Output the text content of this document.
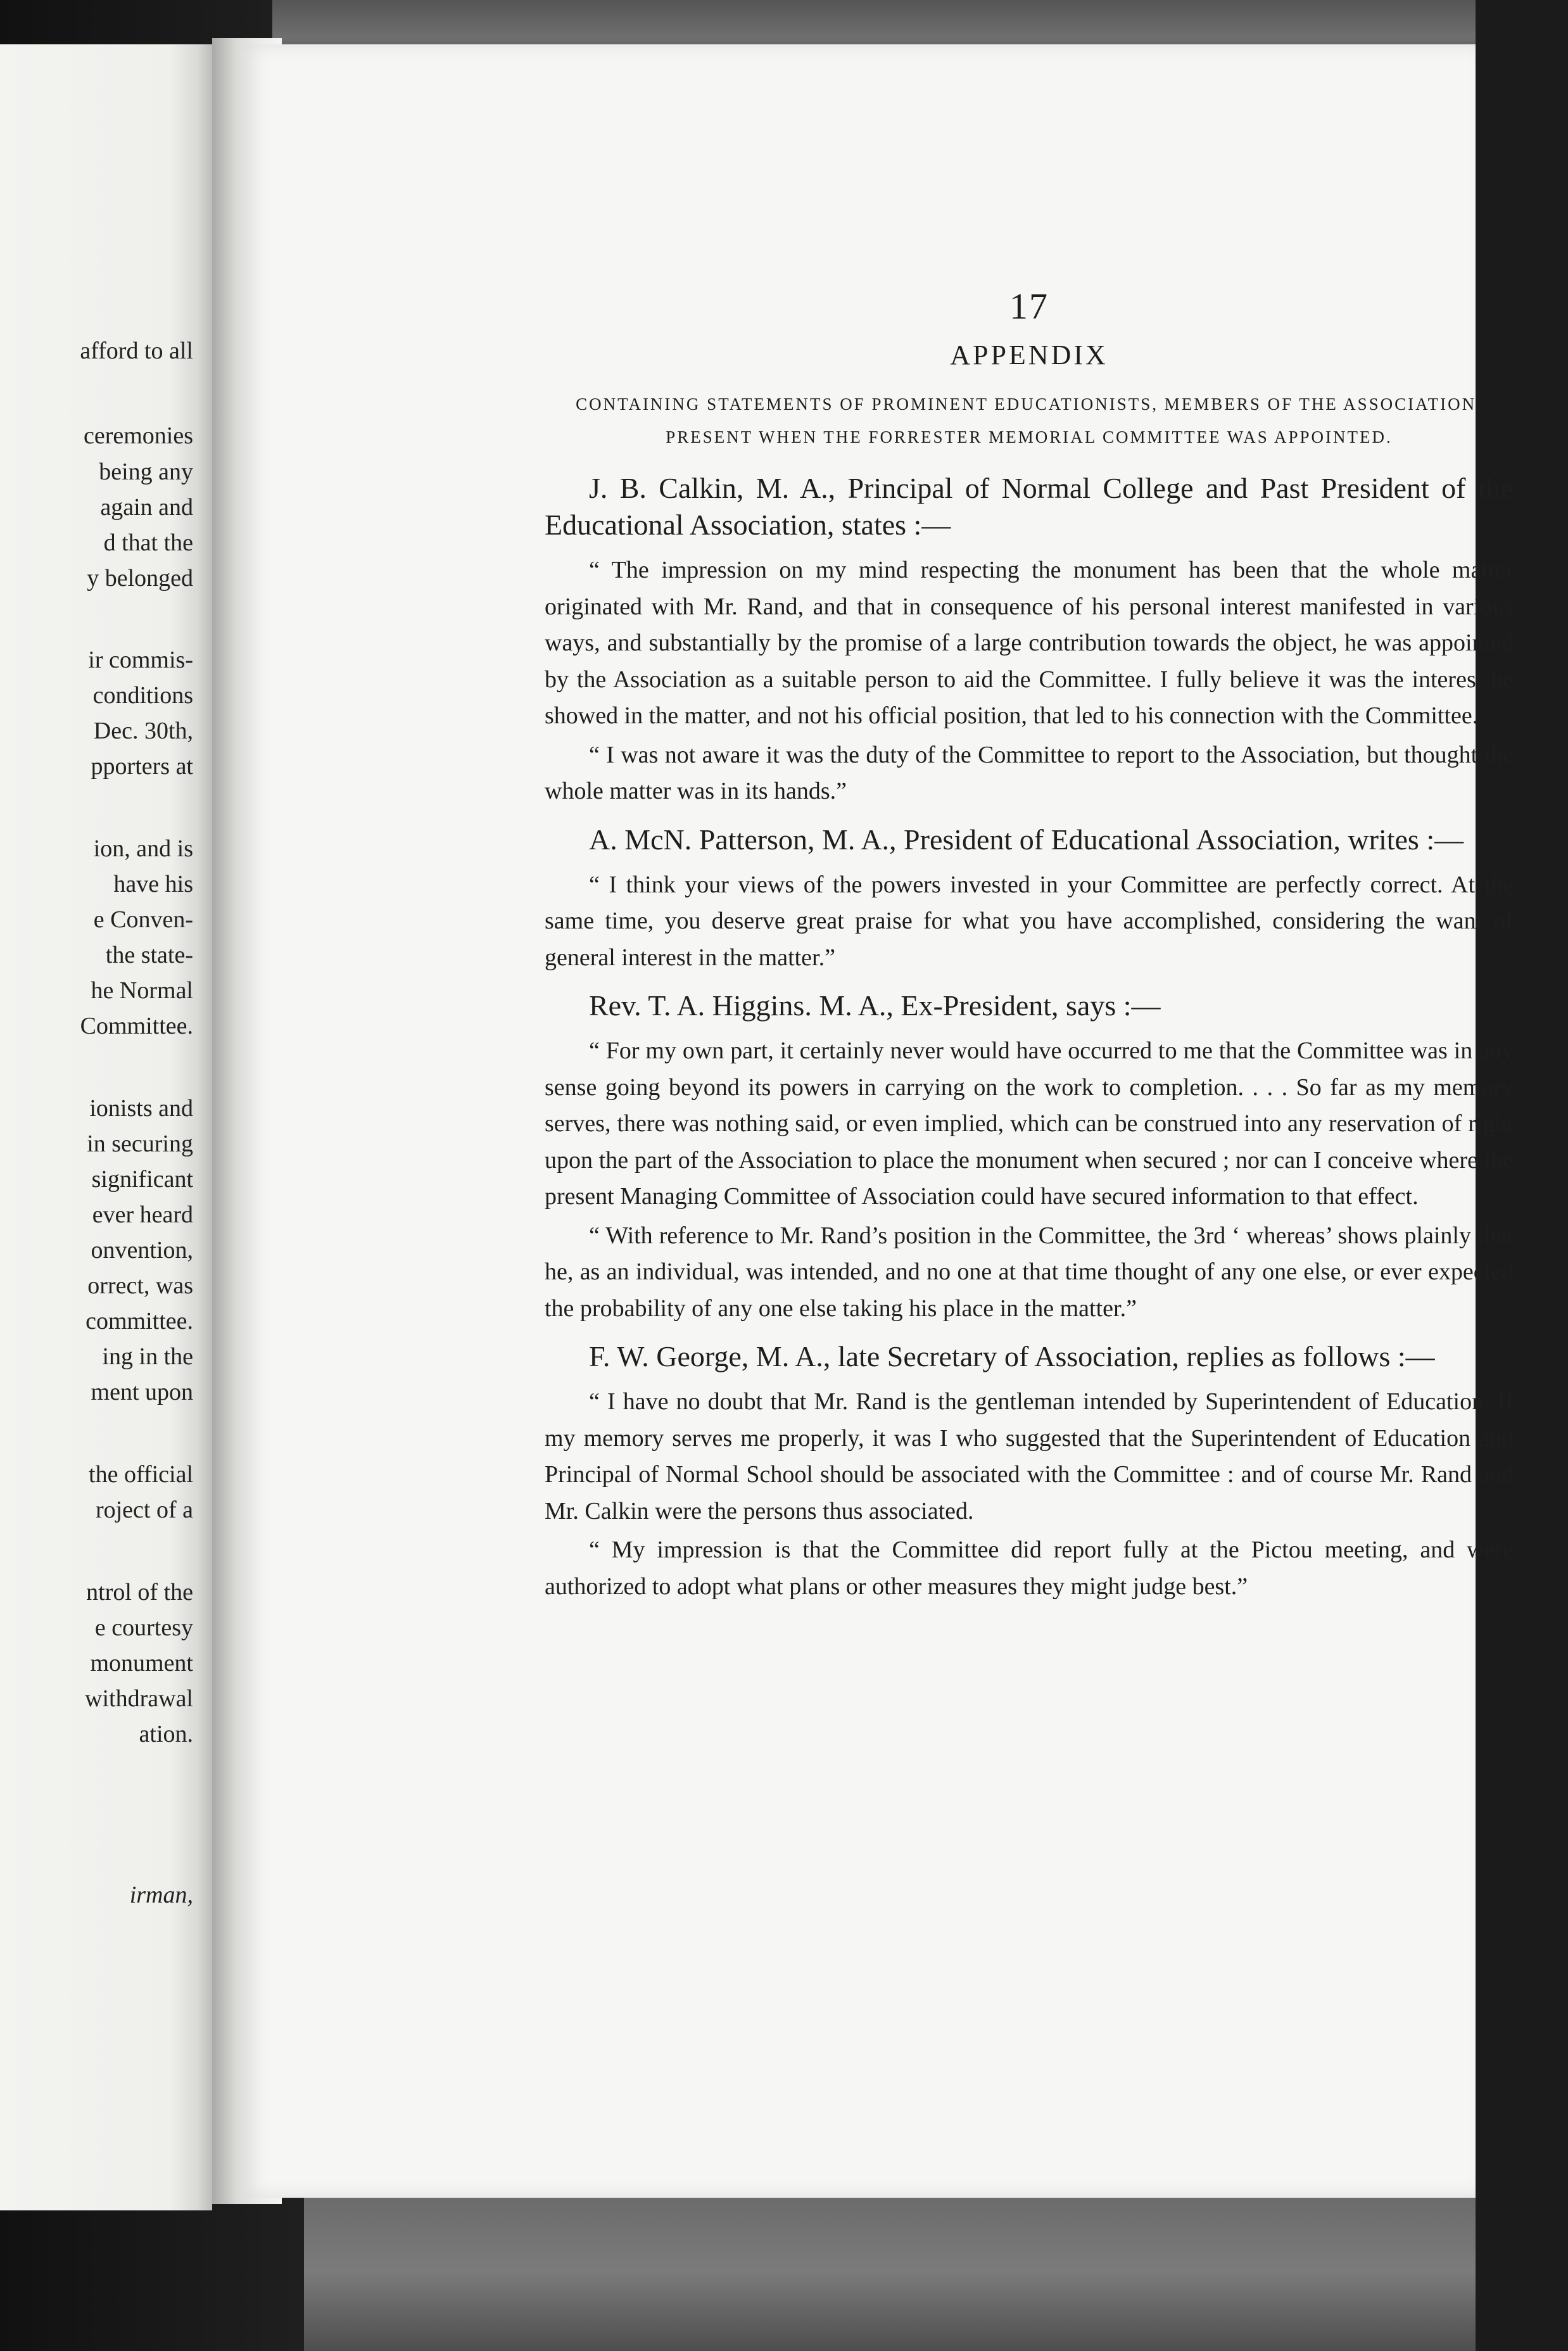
afford to all
ceremonies
being any
again and
d that the
y belonged
ir commis-
conditions
Dec. 30th,
pporters at
ion, and is
have his
e Conven-
the state-
he Normal
Committee.
ionists and
in securing
significant
ever heard
onvention,
orrect, was
committee.
ing in the
ment upon
the official
roject of a
ntrol of the
e courtesy
monument
withdrawal
ation.
irman,
17
APPENDIX
CONTAINING STATEMENTS OF PROMINENT EDUCATIONISTS, MEMBERS OF THE ASSOCIATION, PRESENT WHEN THE FORRESTER MEMORIAL COMMITTEE WAS APPOINTED.

J. B. Calkin, M. A., Principal of Normal College and Past President of the Educational Association, states :—

“ The impression on my mind respecting the monument has been that the whole matter originated with Mr. Rand, and that in consequence of his personal interest manifested in various ways, and substantially by the promise of a large contribution towards the object, he was appointed by the Association as a suitable person to aid the Committee. I fully believe it was the interest he showed in the matter, and not his official position, that led to his connection with the Committee.

“ I was not aware it was the duty of the Committee to report to the Association, but thought the whole matter was in its hands.”

A. McN. Patterson, M. A., President of Educational Association, writes :—

“ I think your views of the powers invested in your Committee are perfectly correct. At the same time, you deserve great praise for what you have accomplished, considering the want of general interest in the matter.”

Rev. T. A. Higgins. M. A., Ex-President, says :—

“ For my own part, it certainly never would have occurred to me that the Committee was in any sense going beyond its powers in carrying on the work to completion. . . . So far as my memory serves, there was nothing said, or even implied, which can be construed into any reservation of right upon the part of the Association to place the monument when secured ; nor can I conceive where the present Managing Committee of Association could have secured information to that effect.

“ With reference to Mr. Rand’s position in the Committee, the 3rd ‘ whereas’ shows plainly that he, as an individual, was intended, and no one at that time thought of any one else, or ever expected the probability of any one else taking his place in the matter.”

F. W. George, M. A., late Secretary of Association, replies as follows :—

“ I have no doubt that Mr. Rand is the gentleman intended by Superintendent of Education. If my memory serves me properly, it was I who suggested that the Superintendent of Education and Principal of Normal School should be associated with the Committee : and of course Mr. Rand and Mr. Calkin were the persons thus associated.

“ My impression is that the Committee did report fully at the Pictou meeting, and were authorized to adopt what plans or other measures they might judge best.”
